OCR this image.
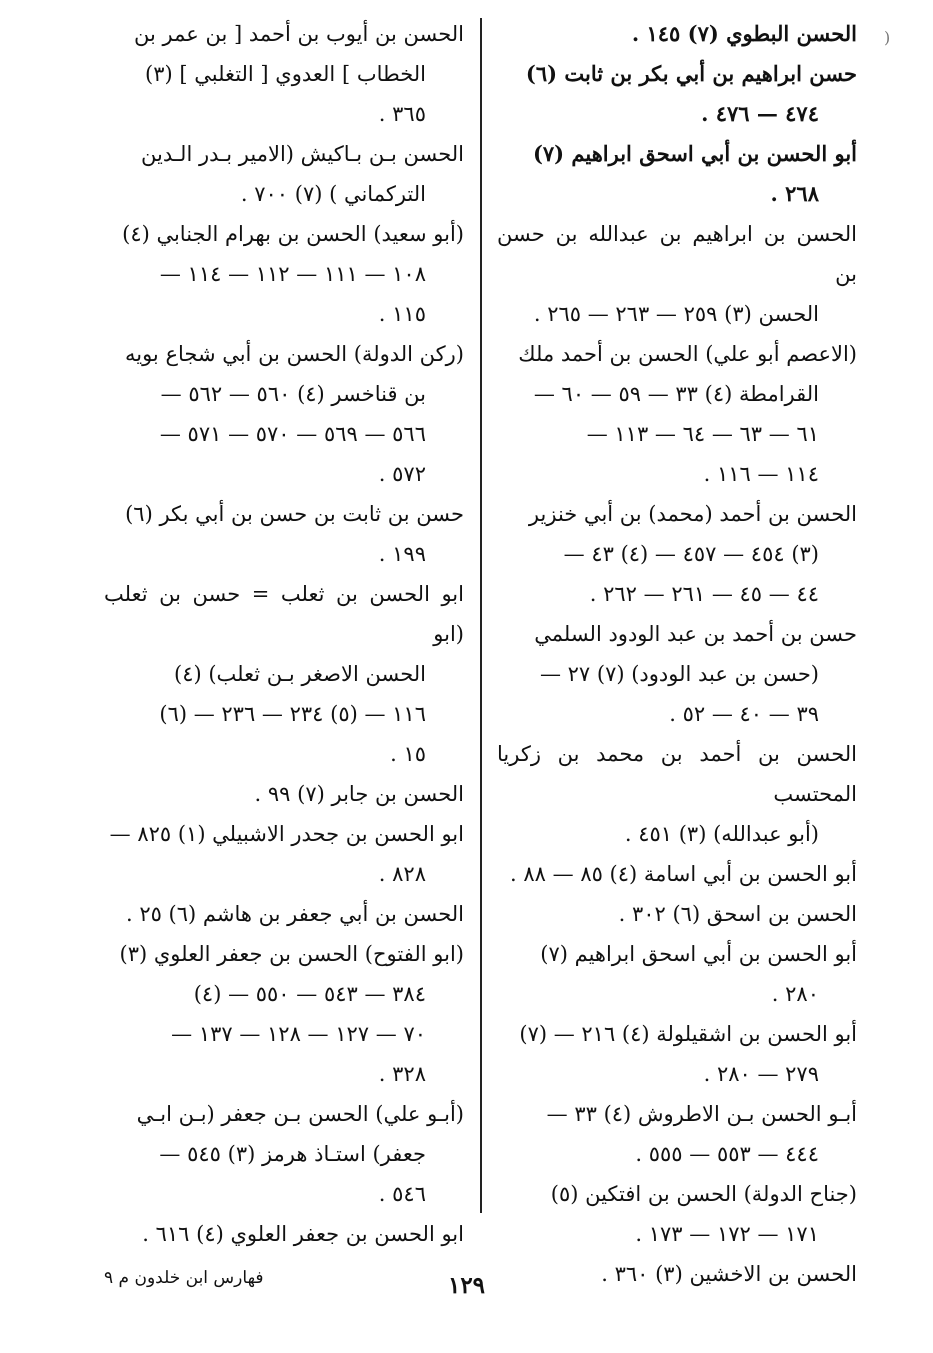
الحسن البطوي (٧) ١٤٥ .
حسن ابراهيم بن أبي بكر بن ثابت (٦)
٤٧٤ — ٤٧٦ .
أبو الحسن بن أبي اسحق ابراهيم (٧)
٢٦٨ .
الحسن بن ابراهيم بن عبدالله بن حسن بن
الحسن (٣) ٢٥٩ — ٢٦٣ — ٢٦٥ .
(الاعصم أبو علي) الحسن بن أحمد ملك
القرامطة (٤) ٣٣ — ٥٩ — ٦٠ —
٦١ — ٦٣ — ٦٤ — ١١٣ —
١١٤ — ١١٦ .
الحسن بن أحمد (محمد) بن أبي خنزير
(٣) ٤٥٤ — ٤٥٧ — (٤) ٤٣ —
٤٤ — ٤٥ — ٢٦١ — ٢٦٢ .
حسن بن أحمد بن عبد الودود السلمي
(حسن بن عبد الودود) (٧) ٢٧ —
٣٩ — ٤٠ — ٥٢ .
الحسن بن أحمد بن محمد بن زكريا المحتسب
(أبو عبدالله) (٣) ٤٥١ .
أبو الحسن بن أبي اسامة (٤) ٨٥ — ٨٨ .
الحسن بن اسحق (٦) ٣٠٢ .
أبو الحسن بن أبي اسحق ابراهيم (٧)
٢٨٠ .
أبو الحسن بن اشقيلولة (٤) ٢١٦ — (٧)
٢٧٩ — ٢٨٠ .
أبـو الحسن بـن الاطروش (٤) ٣٣ —
٤٤٤ — ٥٥٣ — ٥٥٥ .
(جناح الدولة) الحسن بن افتكين (٥)
١٧١ — ١٧٢ — ١٧٣ .
الحسن بن الاخشين (٣) ٣٦٠ .
الحسن بن أيوب بن أحمد [ بن عمر بن
الخطاب ] العدوي [ التغلبي ] (٣)
٣٦٥ .
الحسن بـن بـاكيش (الامير بـدر الـدين
التركماني ) (٧) ٧٠٠ .
(أبو سعيد) الحسن بن بهرام الجنابي (٤)
١٠٨ — ١١١ — ١١٢ — ١١٤ —
١١٥ .
(ركن الدولة) الحسن بن أبي شجاع بويه
بن قناخسر (٤) ٥٦٠ — ٥٦٢ —
٥٦٦ — ٥٦٩ — ٥٧٠ — ٥٧١ —
٥٧٢ .
حسن بن ثابت بن حسن بن أبي بكر (٦)
١٩٩ .
ابو الحسن بن ثعلب = حسن بن ثعلب (ابو
الحسن الاصغر بـن ثعلب) (٤)
١١٦ — (٥) ٢٣٤ — ٢٣٦ — (٦)
١٥ .
الحسن بن جابر (٧) ٩٩ .
ابو الحسن بن جحدر الاشبيلي (١) ٨٢٥ —
٨٢٨ .
الحسن بن أبي جعفر بن هاشم (٦) ٢٥ .
(ابو الفتوح) الحسن بن جعفر العلوي (٣)
٣٨٤ — ٥٤٣ — ٥٥٠ — (٤)
٧٠ — ١٢٧ — ١٢٨ — ١٣٧ —
٣٢٨ .
(أبـو علي) الحسن بـن جعفر (بـن ابـي
جعفر) استـاذ هرمز (٣) ٥٤٥ —
٥٤٦ .
ابو الحسن بن جعفر العلوي (٤) ٦١٦ .
)
فهارس ابن خلدون م ٩	١٢٩
